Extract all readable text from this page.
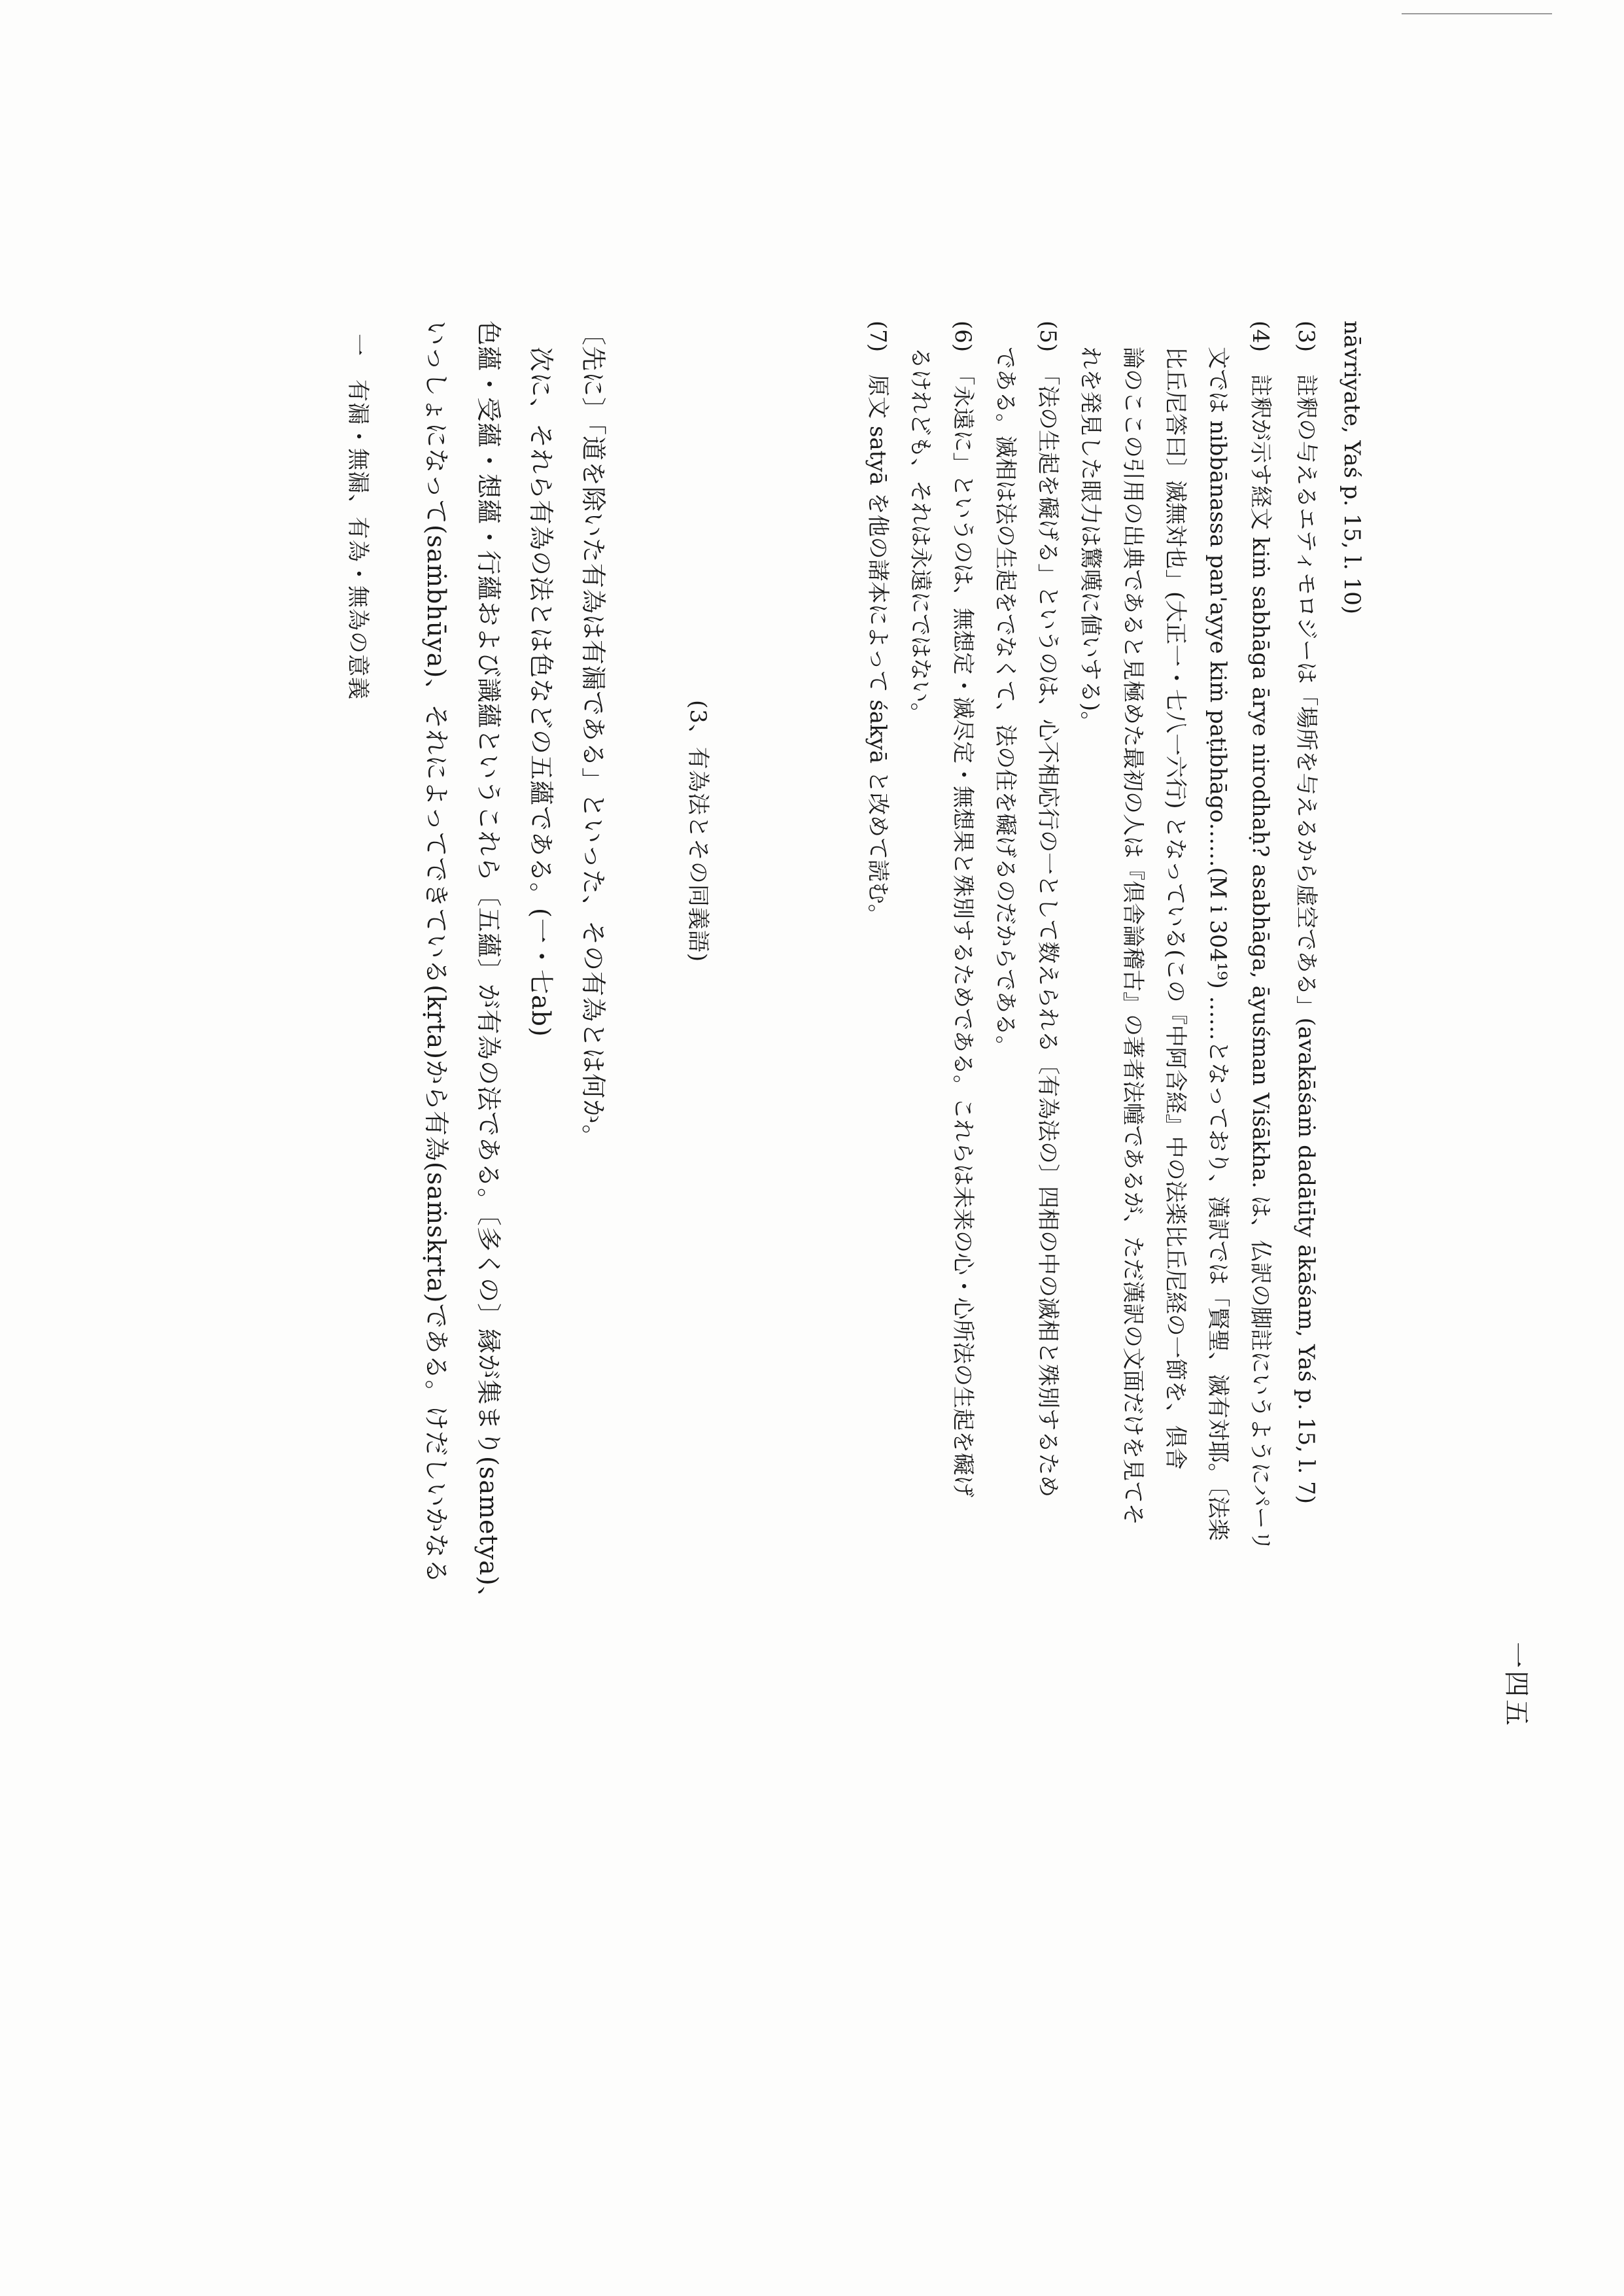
nāvriyate, Yaś p. 15, l. 10)
(3)　註釈の与えるエティモロジーは「場所を与えるから虚空である」(avakāśaṁ dadātīty ākāśam, Yaś p. 15, l. 7)
(4)　註釈が示す経文 kiṁ sabhāga ārye nirodhaḥ? asabhāga, āyuśman Viśākha. は、仏訳の脚註にいうようにパーリ
文では nibbānassa pan'ayye kiṁ paṭibhāgo……(M i 304¹⁹) ……となっており、漢訳では「賢聖、滅有対耶。〔法楽
比丘尼答曰〕滅無対也」(大正一・七八一六行) となっている(この『中阿含経』中の法楽比丘尼経の一節を、倶舎
論のここの引用の出典であると見極めた最初の人は『倶舎論稽古』の著者法幢であるが、ただ漢訳の文面だけを見てそ
れを発見した眼力は驚嘆に値いする)。
(5)　「法の生起を礙げる」というのは、心不相応行の一として数えられる〔有為法の〕四相の中の滅相と殊別するため
である。滅相は法の生起をでなくて、法の住を礙げるのだからである。
(6)　「永遠に」というのは、無想定・滅尽定・無想果と殊別するためである。これらは未来の心・心所法の生起を礙げ
るけれども、それは永遠にではない。
(7)　原文 satyā を他の諸本によって śakyā と改めて読む。
(3、有為法とその同義語)
〔先に〕「道を除いた有為は有漏である」といった、その有為とは何か。
次に、それら有為の法とは色などの五蘊である。(一・七ab)
色蘊・受蘊・想蘊・行蘊および識蘊というこれら〔五蘊〕が有為の法である。〔多くの〕縁が集まり(sametya)、
いっしょになって(saṁbhūya)、それによってできている(kṛta)から有為(saṁskṛta)である。けだしいかなる
一　有漏・無漏、有為・無為の意義
一四五
